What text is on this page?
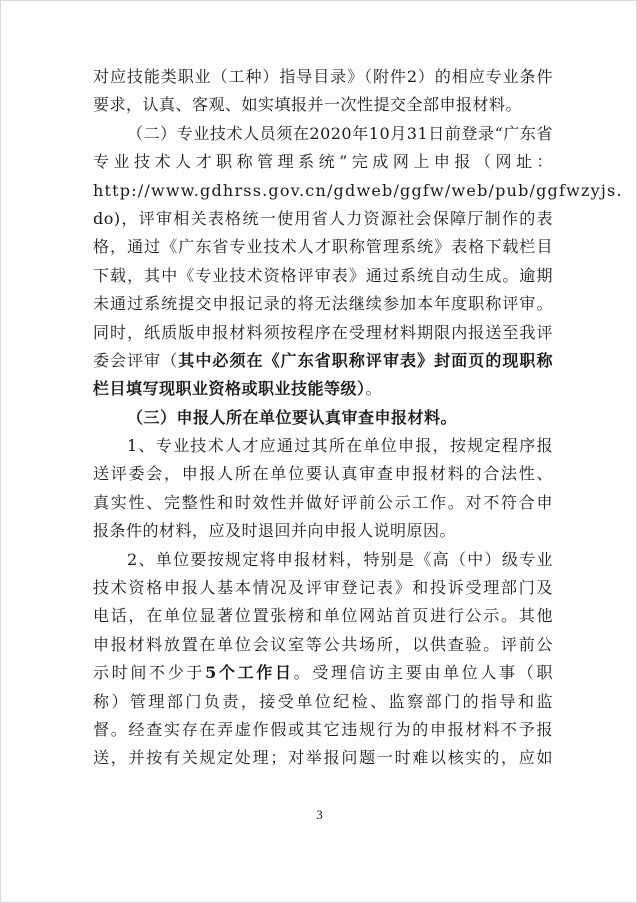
对应技能类职业（工种）指导目录》（附件2）的相应专业条件
要求，认真、客观、如实填报并一次性提交全部申报材料。
（二）专业技术人员须在2020年10月31日前登录“广东省
专业技术人才职称管理系统”完成网上申报（网址：
http://www.gdhrss.gov.cn/gdweb/ggfw/web/pub/ggfwzyjs.
do)，评审相关表格统一使用省人力资源社会保障厅制作的表
格，通过《广东省专业技术人才职称管理系统》表格下载栏目
下载，其中《专业技术资格评审表》通过系统自动生成。逾期
未通过系统提交申报记录的将无法继续参加本年度职称评审。
同时，纸质版申报材料须按程序在受理材料期限内报送至我评
委会评审（其中必须在《广东省职称评审表》封面页的现职称
栏目填写现职业资格或职业技能等级）。
（三）申报人所在单位要认真审查申报材料。
1、专业技术人才应通过其所在单位申报，按规定程序报
送评委会，申报人所在单位要认真审查申报材料的合法性、
真实性、完整性和时效性并做好评前公示工作。对不符合申
报条件的材料，应及时退回并向申报人说明原因。
2、单位要按规定将申报材料，特别是《高（中）级专业
技术资格申报人基本情况及评审登记表》和投诉受理部门及
电话，在单位显著位置张榜和单位网站首页进行公示。其他
申报材料放置在单位会议室等公共场所，以供查验。评前公
示时间不少于5个工作日。受理信访主要由单位人事（职
称）管理部门负责，接受单位纪检、监察部门的指导和监
督。经查实存在弄虚作假或其它违规行为的申报材料不予报
送，并按有关规定处理；对举报问题一时难以核实的，应如
3
